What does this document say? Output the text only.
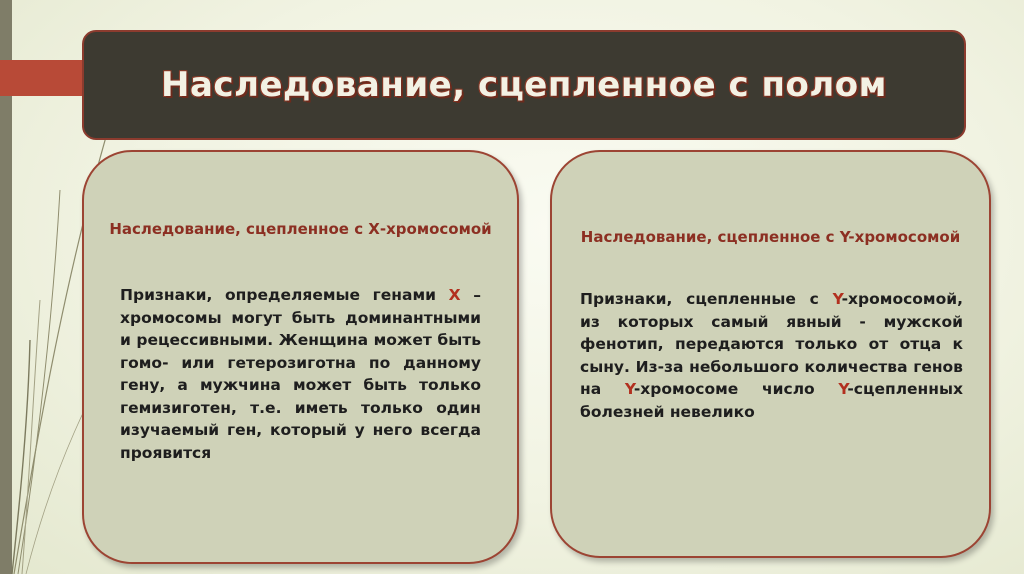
Наследование, сцепленное с полом
Наследование, сцепленное с Х-хромосомой

Признаки, определяемые генами Х – хромосомы могут быть доминантными и рецессивными. Женщина может быть гомо- или гетерозиготна по данному гену, а мужчина может быть только гемизиготен, т.е. иметь только один изучаемый ген, который у него всегда проявится

Наследование, сцепленное с Y-хромосомой

Признаки, сцепленные с Y-хромосомой, из которых самый явный - мужской фенотип, передаются только от отца к сыну. Из-за небольшого количества генов на Y-хромосоме число Y-сцепленных болезней невелико
